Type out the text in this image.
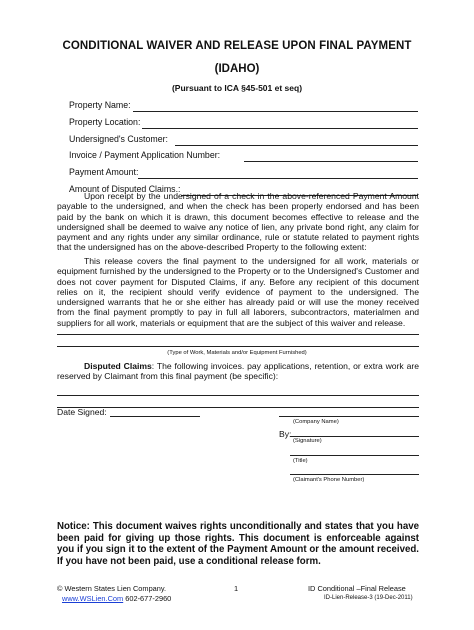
CONDITIONAL WAIVER AND RELEASE UPON FINAL PAYMENT
(IDAHO)
(Pursuant to ICA §45-501 et seq)
Property Name:
Property Location:
Undersigned's Customer:
Invoice / Payment Application Number:
Payment Amount:
Amount of Disputed Claims.:
Upon receipt by the undersigned of a check in the above-referenced Payment Amount payable to the undersigned, and when the check has been properly endorsed and has been paid by the bank on which it is drawn, this document becomes effective to release and the undersigned shall be deemed to waive any notice of lien, any private bond right, any claim for payment and any rights under any similar ordinance, rule or statute related to payment rights that the undersigned has on the above-described Property to the following extent:
This release covers the final payment to the undersigned for all work, materials or equipment furnished by the undersigned to the Property or to the Undersigned's Customer and does not cover payment for Disputed Claims, if any. Before any recipient of this document relies on it, the recipient should verify evidence of payment to the undersigned. The undersigned warrants that he or she either has already paid or will use the money received from the final payment promptly to pay in full all laborers, subcontractors, materialmen and suppliers for all work, materials or equipment that are the subject of this waiver and release.
(Type of Work, Materials and/or Equipment Furnished)
Disputed Claims: The following invoices. pay applications, retention, or extra work are reserved by Claimant from this final payment (be specific):
Date Signed:
(Company Name)
By:
(Signature)
(Title)
(Claimant's Phone Number)
Notice: This document waives rights unconditionally and states that you have been paid for giving up those rights. This document is enforceable against you if you sign it to the extent of the Payment Amount or the amount received. If you have not been paid, use a conditional release form.
© Western States Lien Company.
www.WSLien.Com 602-677-2960
1	ID Conditional –Final Release
ID-Lien-Release-3 (19-Dec-2011)
